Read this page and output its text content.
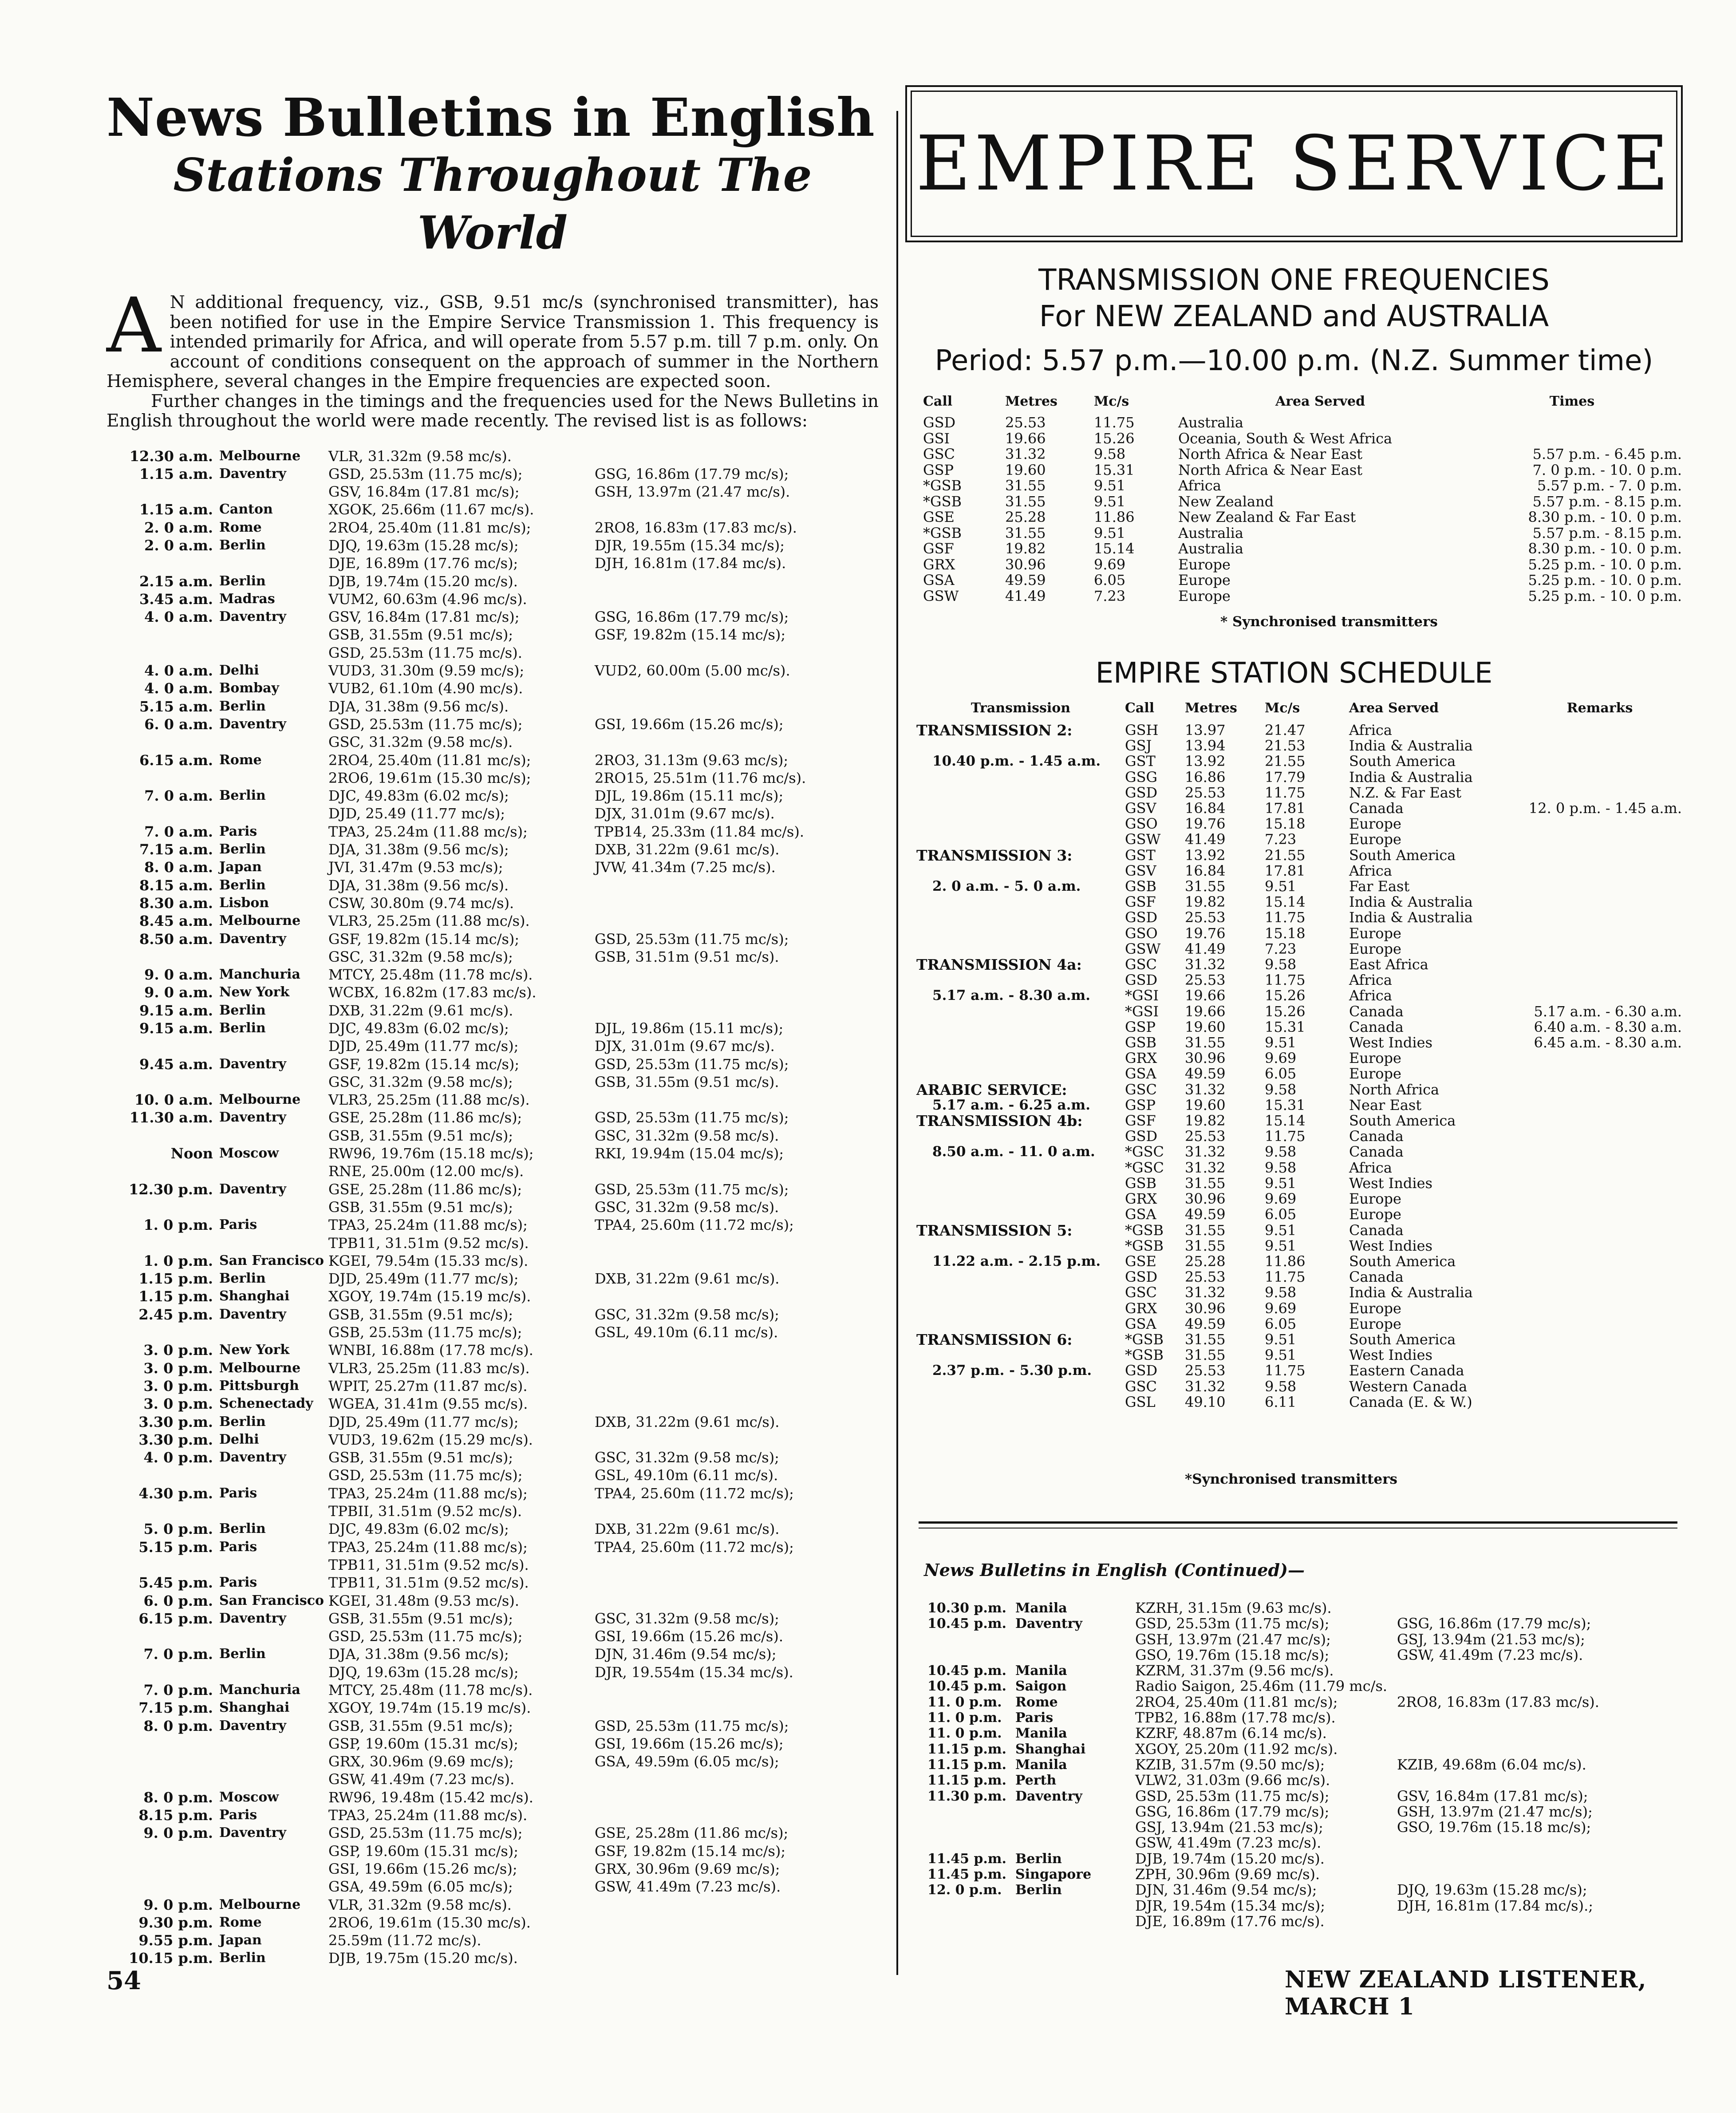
News Bulletins in English
Stations Throughout The World

A N additional frequency, viz., GSB, 9.51 mc/s (synchronised transmitter), has been notified for use in the Empire Service Transmission 1. This frequency is intended primarily for Africa, and will operate from 5.57 p.m. till 7 p.m. only. On account of conditions consequent on the approach of summer in the Northern Hemisphere, several changes in the Empire frequencies are expected soon.

Further changes in the timings and the frequencies used for the News Bulletins in English throughout the world were made recently. The revised list is as follows:

12.30 a.m.	Melbourne	VLR, 31.32m (9.58 mc/s).	
1.15 a.m.	Daventry	GSD, 25.53m (11.75 mc/s);	GSG, 16.86m (17.79 mc/s);
		GSV, 16.84m (17.81 mc/s);	GSH, 13.97m (21.47 mc/s).
1.15 a.m.	Canton	XGOK, 25.66m (11.67 mc/s).	
2. 0 a.m.	Rome	2RO4, 25.40m (11.81 mc/s);	2RO8, 16.83m (17.83 mc/s).
2. 0 a.m.	Berlin	DJQ, 19.63m (15.28 mc/s);	DJR, 19.55m (15.34 mc/s);
		DJE, 16.89m (17.76 mc/s);	DJH, 16.81m (17.84 mc/s).
2.15 a.m.	Berlin	DJB, 19.74m (15.20 mc/s).	
3.45 a.m.	Madras	VUM2, 60.63m (4.96 mc/s).	
4. 0 a.m.	Daventry	GSV, 16.84m (17.81 mc/s);	GSG, 16.86m (17.79 mc/s);
		GSB, 31.55m (9.51 mc/s);	GSF, 19.82m (15.14 mc/s);
		GSD, 25.53m (11.75 mc/s).	
4. 0 a.m.	Delhi	VUD3, 31.30m (9.59 mc/s);	VUD2, 60.00m (5.00 mc/s).
4. 0 a.m.	Bombay	VUB2, 61.10m (4.90 mc/s).	
5.15 a.m.	Berlin	DJA, 31.38m (9.56 mc/s).	
6. 0 a.m.	Daventry	GSD, 25.53m (11.75 mc/s);	GSI, 19.66m (15.26 mc/s);
		GSC, 31.32m (9.58 mc/s).	
6.15 a.m.	Rome	2RO4, 25.40m (11.81 mc/s);	2RO3, 31.13m (9.63 mc/s);
		2RO6, 19.61m (15.30 mc/s);	2RO15, 25.51m (11.76 mc/s).
7. 0 a.m.	Berlin	DJC, 49.83m (6.02 mc/s);	DJL, 19.86m (15.11 mc/s);
		DJD, 25.49 (11.77 mc/s);	DJX, 31.01m (9.67 mc/s).
7. 0 a.m.	Paris	TPA3, 25.24m (11.88 mc/s);	TPB14, 25.33m (11.84 mc/s).
7.15 a.m.	Berlin	DJA, 31.38m (9.56 mc/s);	DXB, 31.22m (9.61 mc/s).
8. 0 a.m.	Japan	JVI, 31.47m (9.53 mc/s);	JVW, 41.34m (7.25 mc/s).
8.15 a.m.	Berlin	DJA, 31.38m (9.56 mc/s).	
8.30 a.m.	Lisbon	CSW, 30.80m (9.74 mc/s).	
8.45 a.m.	Melbourne	VLR3, 25.25m (11.88 mc/s).	
8.50 a.m.	Daventry	GSF, 19.82m (15.14 mc/s);	GSD, 25.53m (11.75 mc/s);
		GSC, 31.32m (9.58 mc/s);	GSB, 31.51m (9.51 mc/s).
9. 0 a.m.	Manchuria	MTCY, 25.48m (11.78 mc/s).	
9. 0 a.m.	New York	WCBX, 16.82m (17.83 mc/s).	
9.15 a.m.	Berlin	DXB, 31.22m (9.61 mc/s).	
9.15 a.m.	Berlin	DJC, 49.83m (6.02 mc/s);	DJL, 19.86m (15.11 mc/s);
		DJD, 25.49m (11.77 mc/s);	DJX, 31.01m (9.67 mc/s).
9.45 a.m.	Daventry	GSF, 19.82m (15.14 mc/s);	GSD, 25.53m (11.75 mc/s);
		GSC, 31.32m (9.58 mc/s);	GSB, 31.55m (9.51 mc/s).
10. 0 a.m.	Melbourne	VLR3, 25.25m (11.88 mc/s).	
11.30 a.m.	Daventry	GSE, 25.28m (11.86 mc/s);	GSD, 25.53m (11.75 mc/s);
		GSB, 31.55m (9.51 mc/s);	GSC, 31.32m (9.58 mc/s).
Noon	Moscow	RW96, 19.76m (15.18 mc/s);	RKI, 19.94m (15.04 mc/s);
		RNE, 25.00m (12.00 mc/s).	
12.30 p.m.	Daventry	GSE, 25.28m (11.86 mc/s);	GSD, 25.53m (11.75 mc/s);
		GSB, 31.55m (9.51 mc/s);	GSC, 31.32m (9.58 mc/s).
1. 0 p.m.	Paris	TPA3, 25.24m (11.88 mc/s);	TPA4, 25.60m (11.72 mc/s);
		TPB11, 31.51m (9.52 mc/s).	
1. 0 p.m.	San Francisco	KGEI, 79.54m (15.33 mc/s).	
1.15 p.m.	Berlin	DJD, 25.49m (11.77 mc/s);	DXB, 31.22m (9.61 mc/s).
1.15 p.m.	Shanghai	XGOY, 19.74m (15.19 mc/s).	
2.45 p.m.	Daventry	GSB, 31.55m (9.51 mc/s);	GSC, 31.32m (9.58 mc/s);
		GSB, 25.53m (11.75 mc/s);	GSL, 49.10m (6.11 mc/s).
3. 0 p.m.	New York	WNBI, 16.88m (17.78 mc/s).	
3. 0 p.m.	Melbourne	VLR3, 25.25m (11.83 mc/s).	
3. 0 p.m.	Pittsburgh	WPIT, 25.27m (11.87 mc/s).	
3. 0 p.m.	Schenectady	WGEA, 31.41m (9.55 mc/s).	
3.30 p.m.	Berlin	DJD, 25.49m (11.77 mc/s);	DXB, 31.22m (9.61 mc/s).
3.30 p.m.	Delhi	VUD3, 19.62m (15.29 mc/s).	
4. 0 p.m.	Daventry	GSB, 31.55m (9.51 mc/s);	GSC, 31.32m (9.58 mc/s);
		GSD, 25.53m (11.75 mc/s);	GSL, 49.10m (6.11 mc/s).
4.30 p.m.	Paris	TPA3, 25.24m (11.88 mc/s);	TPA4, 25.60m (11.72 mc/s);
		TPBII, 31.51m (9.52 mc/s).	
5. 0 p.m.	Berlin	DJC, 49.83m (6.02 mc/s);	DXB, 31.22m (9.61 mc/s).
5.15 p.m.	Paris	TPA3, 25.24m (11.88 mc/s);	TPA4, 25.60m (11.72 mc/s);
		TPB11, 31.51m (9.52 mc/s).	
5.45 p.m.	Paris	TPB11, 31.51m (9.52 mc/s).	
6. 0 p.m.	San Francisco	KGEI, 31.48m (9.53 mc/s).	
6.15 p.m.	Daventry	GSB, 31.55m (9.51 mc/s);	GSC, 31.32m (9.58 mc/s);
		GSD, 25.53m (11.75 mc/s);	GSI, 19.66m (15.26 mc/s).
7. 0 p.m.	Berlin	DJA, 31.38m (9.56 mc/s);	DJN, 31.46m (9.54 mc/s);
		DJQ, 19.63m (15.28 mc/s);	DJR, 19.554m (15.34 mc/s).
7. 0 p.m.	Manchuria	MTCY, 25.48m (11.78 mc/s).	
7.15 p.m.	Shanghai	XGOY, 19.74m (15.19 mc/s).	
8. 0 p.m.	Daventry	GSB, 31.55m (9.51 mc/s);	GSD, 25.53m (11.75 mc/s);
		GSP, 19.60m (15.31 mc/s);	GSI, 19.66m (15.26 mc/s);
		GRX, 30.96m (9.69 mc/s);	GSA, 49.59m (6.05 mc/s);
		GSW, 41.49m (7.23 mc/s).	
8. 0 p.m.	Moscow	RW96, 19.48m (15.42 mc/s).	
8.15 p.m.	Paris	TPA3, 25.24m (11.88 mc/s).	
9. 0 p.m.	Daventry	GSD, 25.53m (11.75 mc/s);	GSE, 25.28m (11.86 mc/s);
		GSP, 19.60m (15.31 mc/s);	GSF, 19.82m (15.14 mc/s);
		GSI, 19.66m (15.26 mc/s);	GRX, 30.96m (9.69 mc/s);
		GSA, 49.59m (6.05 mc/s);	GSW, 41.49m (7.23 mc/s).
9. 0 p.m.	Melbourne	VLR, 31.32m (9.58 mc/s).	
9.30 p.m.	Rome	2RO6, 19.61m (15.30 mc/s).	
9.55 p.m.	Japan	25.59m (11.72 mc/s).	
10.15 p.m.	Berlin	DJB, 19.75m (15.20 mc/s).	
54
EMPIRE SERVICE
TRANSMISSION ONE FREQUENCIES
For NEW ZEALAND and AUSTRALIA
Period: 5.57 p.m.—10.00 p.m. (N.Z. Summer time)
Call	Metres	Mc/s	Area Served	Times
GSD	25.53	11.75	Australia	
GSI	19.66	15.26	Oceania, South & West Africa	
GSC	31.32	9.58	North Africa & Near East	5.57 p.m. - 6.45 p.m.
GSP	19.60	15.31	North Africa & Near East	7. 0 p.m. - 10. 0 p.m.
*GSB	31.55	9.51	Africa	5.57 p.m. - 7. 0 p.m.
*GSB	31.55	9.51	New Zealand	5.57 p.m. - 8.15 p.m.
GSE	25.28	11.86	New Zealand & Far East	8.30 p.m. - 10. 0 p.m.
*GSB	31.55	9.51	Australia	5.57 p.m. - 8.15 p.m.
GSF	19.82	15.14	Australia	8.30 p.m. - 10. 0 p.m.
GRX	30.96	9.69	Europe	5.25 p.m. - 10. 0 p.m.
GSA	49.59	6.05	Europe	5.25 p.m. - 10. 0 p.m.
GSW	41.49	7.23	Europe	5.25 p.m. - 10. 0 p.m.
* Synchronised transmitters
EMPIRE STATION SCHEDULE
Transmission	Call	Metres	Mc/s	Area Served	Remarks
TRANSMISSION 2:	GSH	13.97	21.47	Africa	
	GSJ	13.94	21.53	India & Australia	
10.40 p.m. - 1.45 a.m.	GST	13.92	21.55	South America	
	GSG	16.86	17.79	India & Australia	
	GSD	25.53	11.75	N.Z. & Far East	
	GSV	16.84	17.81	Canada	12. 0 p.m. - 1.45 a.m.
	GSO	19.76	15.18	Europe	
	GSW	41.49	7.23	Europe	
TRANSMISSION 3:	GST	13.92	21.55	South America	
	GSV	16.84	17.81	Africa	
2. 0 a.m. - 5. 0 a.m.	GSB	31.55	9.51	Far East	
	GSF	19.82	15.14	India & Australia	
	GSD	25.53	11.75	India & Australia	
	GSO	19.76	15.18	Europe	
	GSW	41.49	7.23	Europe	
TRANSMISSION 4a:	GSC	31.32	9.58	East Africa	
	GSD	25.53	11.75	Africa	
5.17 a.m. - 8.30 a.m.	*GSI	19.66	15.26	Africa	
	*GSI	19.66	15.26	Canada	5.17 a.m. - 6.30 a.m.
	GSP	19.60	15.31	Canada	6.40 a.m. - 8.30 a.m.
	GSB	31.55	9.51	West Indies	6.45 a.m. - 8.30 a.m.
	GRX	30.96	9.69	Europe	
	GSA	49.59	6.05	Europe	
ARABIC SERVICE:	GSC	31.32	9.58	North Africa	
5.17 a.m. - 6.25 a.m.	GSP	19.60	15.31	Near East	
TRANSMISSION 4b:	GSF	19.82	15.14	South America	
	GSD	25.53	11.75	Canada	
8.50 a.m. - 11. 0 a.m.	*GSC	31.32	9.58	Canada	
	*GSC	31.32	9.58	Africa	
	GSB	31.55	9.51	West Indies	
	GRX	30.96	9.69	Europe	
	GSA	49.59	6.05	Europe	
TRANSMISSION 5:	*GSB	31.55	9.51	Canada	
	*GSB	31.55	9.51	West Indies	
11.22 a.m. - 2.15 p.m.	GSE	25.28	11.86	South America	
	GSD	25.53	11.75	Canada	
	GSC	31.32	9.58	India & Australia	
	GRX	30.96	9.69	Europe	
	GSA	49.59	6.05	Europe	
TRANSMISSION 6:	*GSB	31.55	9.51	South America	
	*GSB	31.55	9.51	West Indies	
2.37 p.m. - 5.30 p.m.	GSD	25.53	11.75	Eastern Canada	
	GSC	31.32	9.58	Western Canada	
	GSL	49.10	6.11	Canada (E. & W.)	
*Synchronised transmitters
News Bulletins in English (Continued)—
10.30 p.m.	Manila	KZRH, 31.15m (9.63 mc/s).	
10.45 p.m.	Daventry	GSD, 25.53m (11.75 mc/s);	GSG, 16.86m (17.79 mc/s);
		GSH, 13.97m (21.47 mc/s);	GSJ, 13.94m (21.53 mc/s);
		GSO, 19.76m (15.18 mc/s);	GSW, 41.49m (7.23 mc/s).
10.45 p.m.	Manila	KZRM, 31.37m (9.56 mc/s).	
10.45 p.m.	Saigon	Radio Saigon, 25.46m (11.79 mc/s.	
11. 0 p.m.	Rome	2RO4, 25.40m (11.81 mc/s);	2RO8, 16.83m (17.83 mc/s).
11. 0 p.m.	Paris	TPB2, 16.88m (17.78 mc/s).	
11. 0 p.m.	Manila	KZRF, 48.87m (6.14 mc/s).	
11.15 p.m.	Shanghai	XGOY, 25.20m (11.92 mc/s).	
11.15 p.m.	Manila	KZIB, 31.57m (9.50 mc/s);	KZIB, 49.68m (6.04 mc/s).
11.15 p.m.	Perth	VLW2, 31.03m (9.66 mc/s).	
11.30 p.m.	Daventry	GSD, 25.53m (11.75 mc/s);	GSV, 16.84m (17.81 mc/s);
		GSG, 16.86m (17.79 mc/s);	GSH, 13.97m (21.47 mc/s);
		GSJ, 13.94m (21.53 mc/s);	GSO, 19.76m (15.18 mc/s);
		GSW, 41.49m (7.23 mc/s).	
11.45 p.m.	Berlin	DJB, 19.74m (15.20 mc/s).	
11.45 p.m.	Singapore	ZPH, 30.96m (9.69 mc/s).	
12. 0 p.m.	Berlin	DJN, 31.46m (9.54 mc/s);	DJQ, 19.63m (15.28 mc/s);
		DJR, 19.54m (15.34 mc/s);	DJH, 16.81m (17.84 mc/s).;
		DJE, 16.89m (17.76 mc/s).	
NEW ZEALAND LISTENER, MARCH 1
